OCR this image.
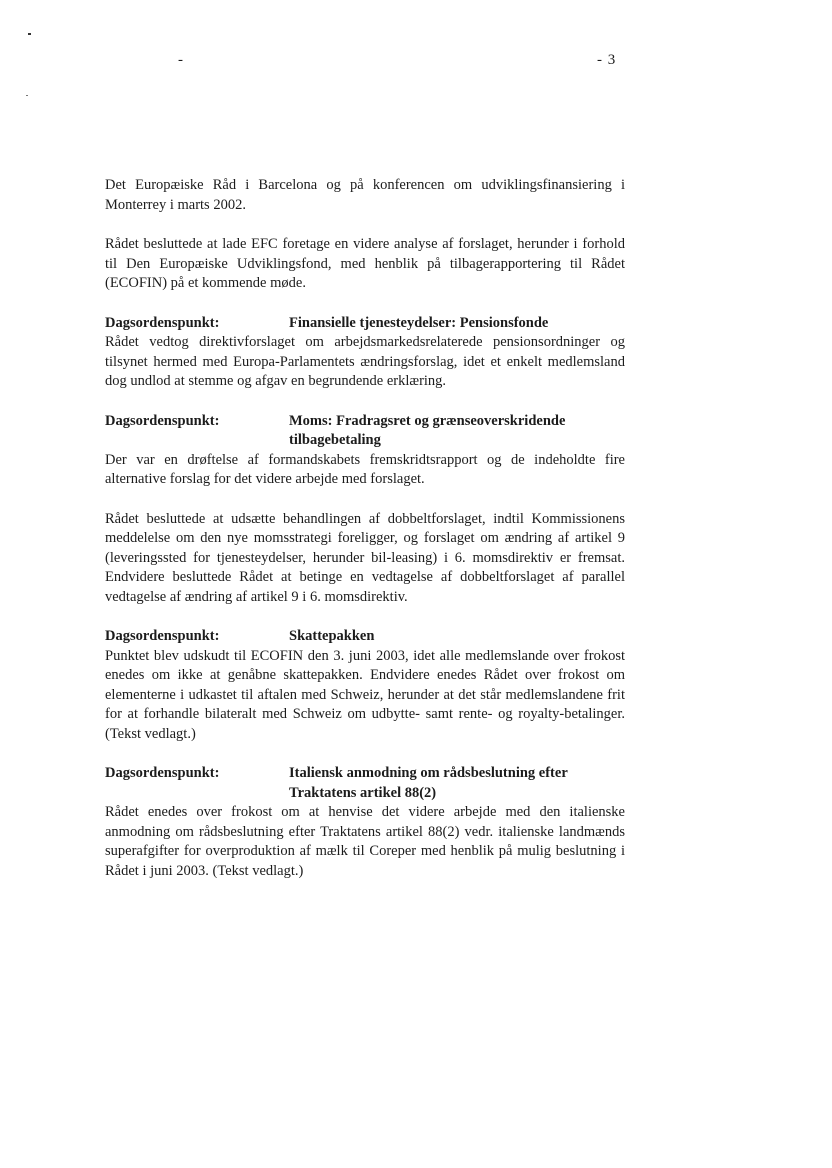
-	- 3

Det Europæiske Råd i Barcelona og på konferencen om udviklingsfinansiering i Monterrey i marts 2002.

Rådet besluttede at lade EFC foretage en videre analyse af forslaget, herunder i forhold til Den Europæiske Udviklingsfond, med henblik på tilbagerapportering til Rådet (ECOFIN) på et kommende møde.

Dagsordenspunkt:	Finansielle tjenesteydelser: Pensionsfonde

Rådet vedtog direktivforslaget om arbejdsmarkedsrelaterede pensionsordninger og tilsynet hermed med Europa-Parlamentets ændringsforslag, idet et enkelt medlemsland dog undlod at stemme og afgav en begrundende erklæring.

Dagsordenspunkt:	Moms: Fradragsret og grænseoverskridende tilbagebetaling

Der var en drøftelse af formandskabets fremskridtsrapport og de indeholdte fire alternative forslag for det videre arbejde med forslaget.

Rådet besluttede at udsætte behandlingen af dobbeltforslaget, indtil Kommissionens meddelelse om den nye momsstrategi foreligger, og forslaget om ændring af artikel 9 (leveringssted for tjenesteydelser, herunder bil-leasing) i 6. momsdirektiv er fremsat. Endvidere besluttede Rådet at betinge en vedtagelse af dobbeltforslaget af parallel vedtagelse af ændring af artikel 9 i 6. momsdirektiv.

Dagsordenspunkt:	Skattepakken

Punktet blev udskudt til ECOFIN den 3. juni 2003, idet alle medlemslande over frokost enedes om ikke at genåbne skattepakken. Endvidere enedes Rådet over frokost om elementerne i udkastet til aftalen med Schweiz, herunder at det står medlemslandene frit for at forhandle bilateralt med Schweiz om udbytte- samt rente- og royalty-betalinger. (Tekst vedlagt.)

Dagsordenspunkt:	Italiensk anmodning om rådsbeslutning efter Traktatens artikel 88(2)

Rådet enedes over frokost om at henvise det videre arbejde med den italienske anmodning om rådsbeslutning efter Traktatens artikel 88(2) vedr. italienske landmænds superafgifter for overproduktion af mælk til Coreper med henblik på mulig beslutning i Rådet i juni 2003. (Tekst vedlagt.)
